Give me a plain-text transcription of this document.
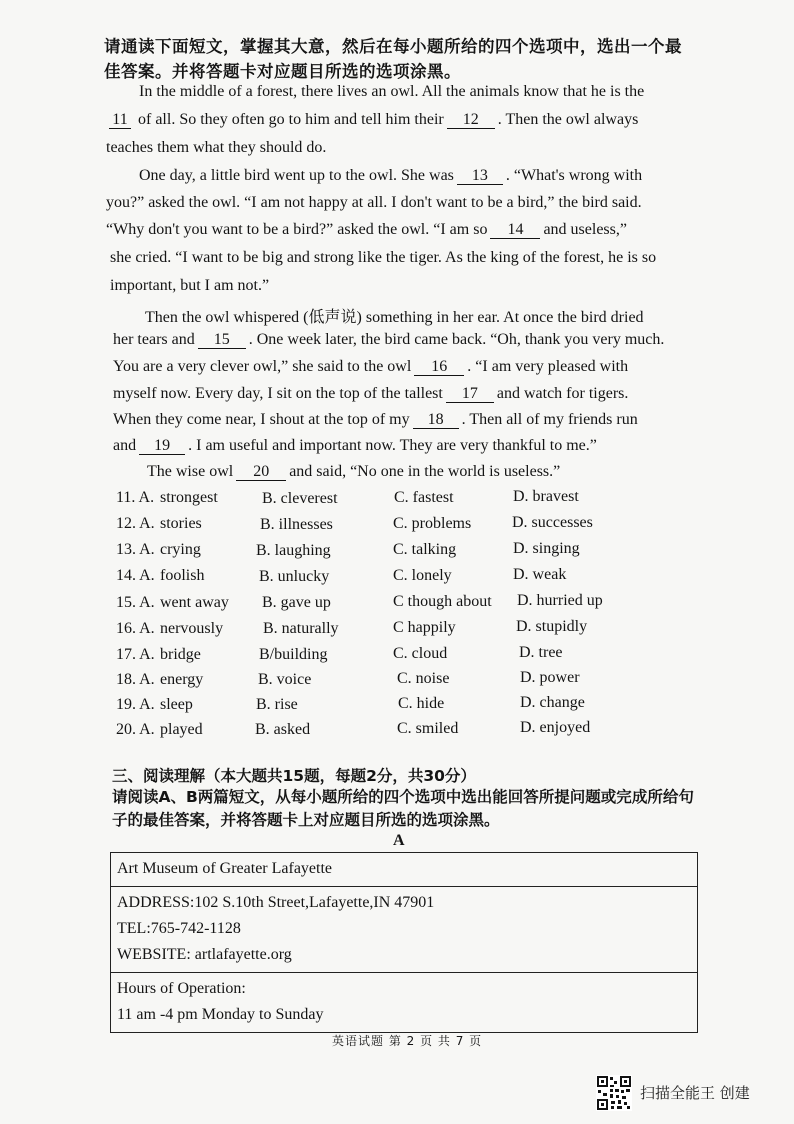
请通读下面短文，掌握其大意，然后在每小题所给的四个选项中，选出一个最佳答案。并将答题卡对应题目所选的选项涂黑。
In the middle of a forest, there lives an owl. All the animals know that he is the
11 of all. So they often go to him and tell him their 12 . Then the owl always
teaches them what they should do.
One day, a little bird went up to the owl. She was 13 . “What's wrong with
you?” asked the owl. “I am not happy at all. I don't want to be a bird,” the bird said.
“Why don't you want to be a bird?” asked the owl. “I am so 14 and useless,”
she cried. “I want to be big and strong like the tiger. As the king of the forest, he is so
important, but I am not.”
Then the owl whispered (低声说) something in her ear. At once the bird dried
her tears and 15 . One week later, the bird came back. “Oh, thank you very much.
You are a very clever owl,” she said to the owl 16 . “I am very pleased with
myself now. Every day, I sit on the top of the tallest 17 and watch for tigers.
When they come near, I shout at the top of my 18 . Then all of my friends run
and 19 . I am useful and important now. They are very thankful to me.”
The wise owl 20 and said, “No one in the world is useless.”
11. A. strongest	B. cleverest	C. fastest	D. bravest
12. A. stories	B. illnesses	C. problems	D. successes
13. A. crying	B. laughing	C. talking	D. singing
14. A. foolish	B. unlucky	C. lonely	D. weak
15. A. went away B. gave up	C though about D. hurried up
16. A. nervously B. naturally	C happily	D. stupidly
17. A. bridge	B/building	C. cloud	D. tree
18. A. energy	B. voice	C. noise	D. power
19. A. sleep	B. rise	C. hide	D. change
20. A. played	B. asked	C. smiled	D. enjoyed
三、阅读理解（本大题共15题，每题2分，共30分）
请阅读A、B两篇短文，从每小题所给的四个选项中选出能回答所提问题或完成所给句子的最佳答案，并将答题卡上对应题目所选的选项涂黑。
A
Art Museum of Greater Lafayette

ADDRESS:102 S.10th Street,Lafayette,IN 47901
TEL:765-742-1128
WEBSITE: artlafayette.org

Hours of Operation:
11 am -4 pm Monday to Sunday
英语试题 第 2 页 共 7 页
扫描全能王 创建
